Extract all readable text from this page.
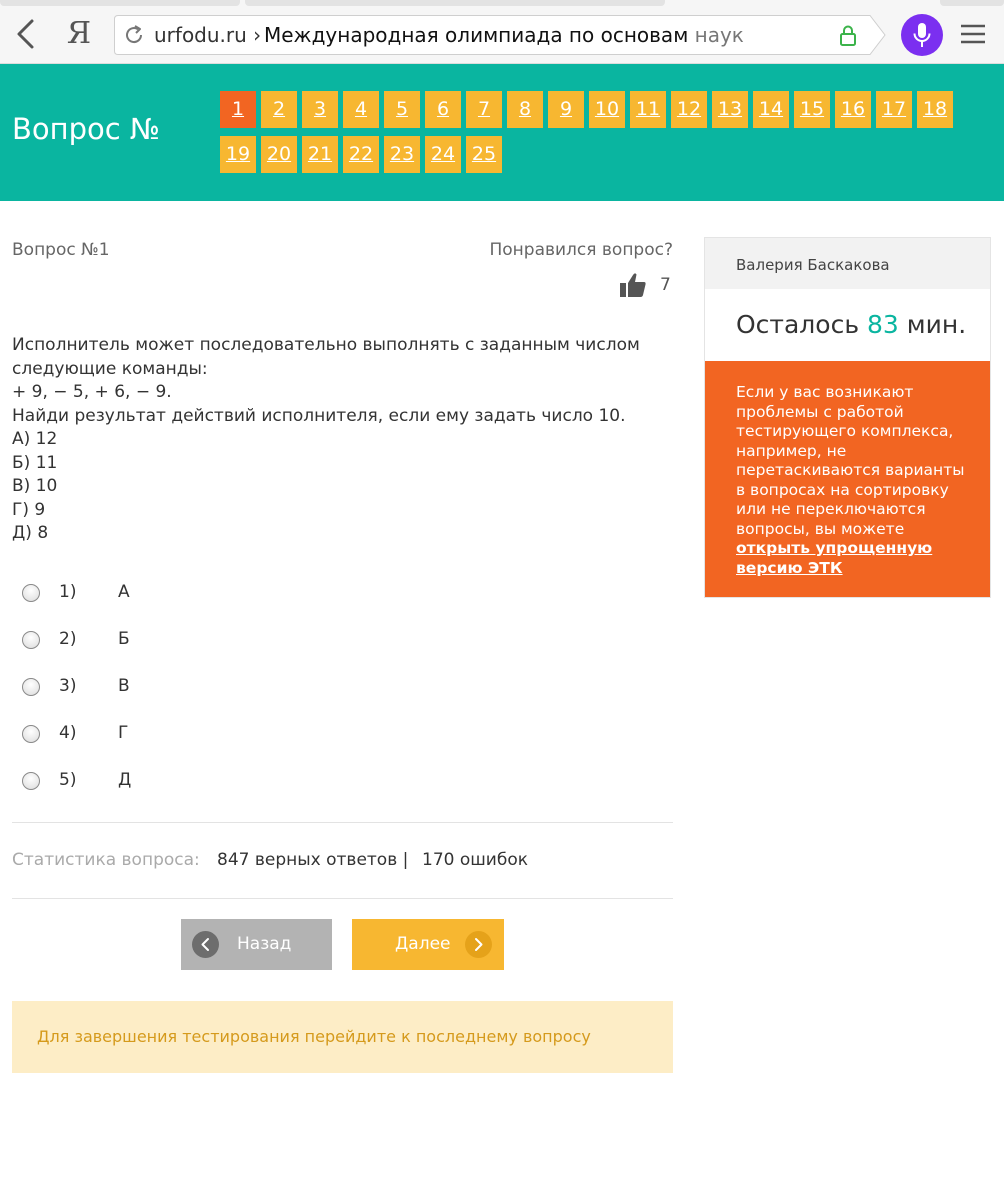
Я	urfodu.ru › Международная олимпиада по основам наук
Вопрос №
1	2	3	4	5	6	7	8	9	10 11 12 13 14 15 16 17 18
19 20 21 22 23 24 25
Вопрос №1	Понравился вопрос?
7
Исполнитель может последовательно выполнять с заданным числом
следующие команды:
+ 9, − 5, + 6, − 9.
Найди результат действий исполнителя, если ему задать число 10.
А) 12
Б) 11
В) 10
Г) 9
Д) 8
1) А
2) Б
3) В
4) Г
5) Д
Статистика вопроса: 847 верных ответов | 170 ошибок
Назад	Далее
Для завершения тестирования перейдите к последнему вопросу
Валерия Баскакова
Осталось 83 мин.
Если у вас возникают проблемы с работой тестирующего комплекса, например, не перетаскиваются варианты в вопросах на сортировку или не переключаются вопросы, вы можете открыть упрощенную версию ЭТК
